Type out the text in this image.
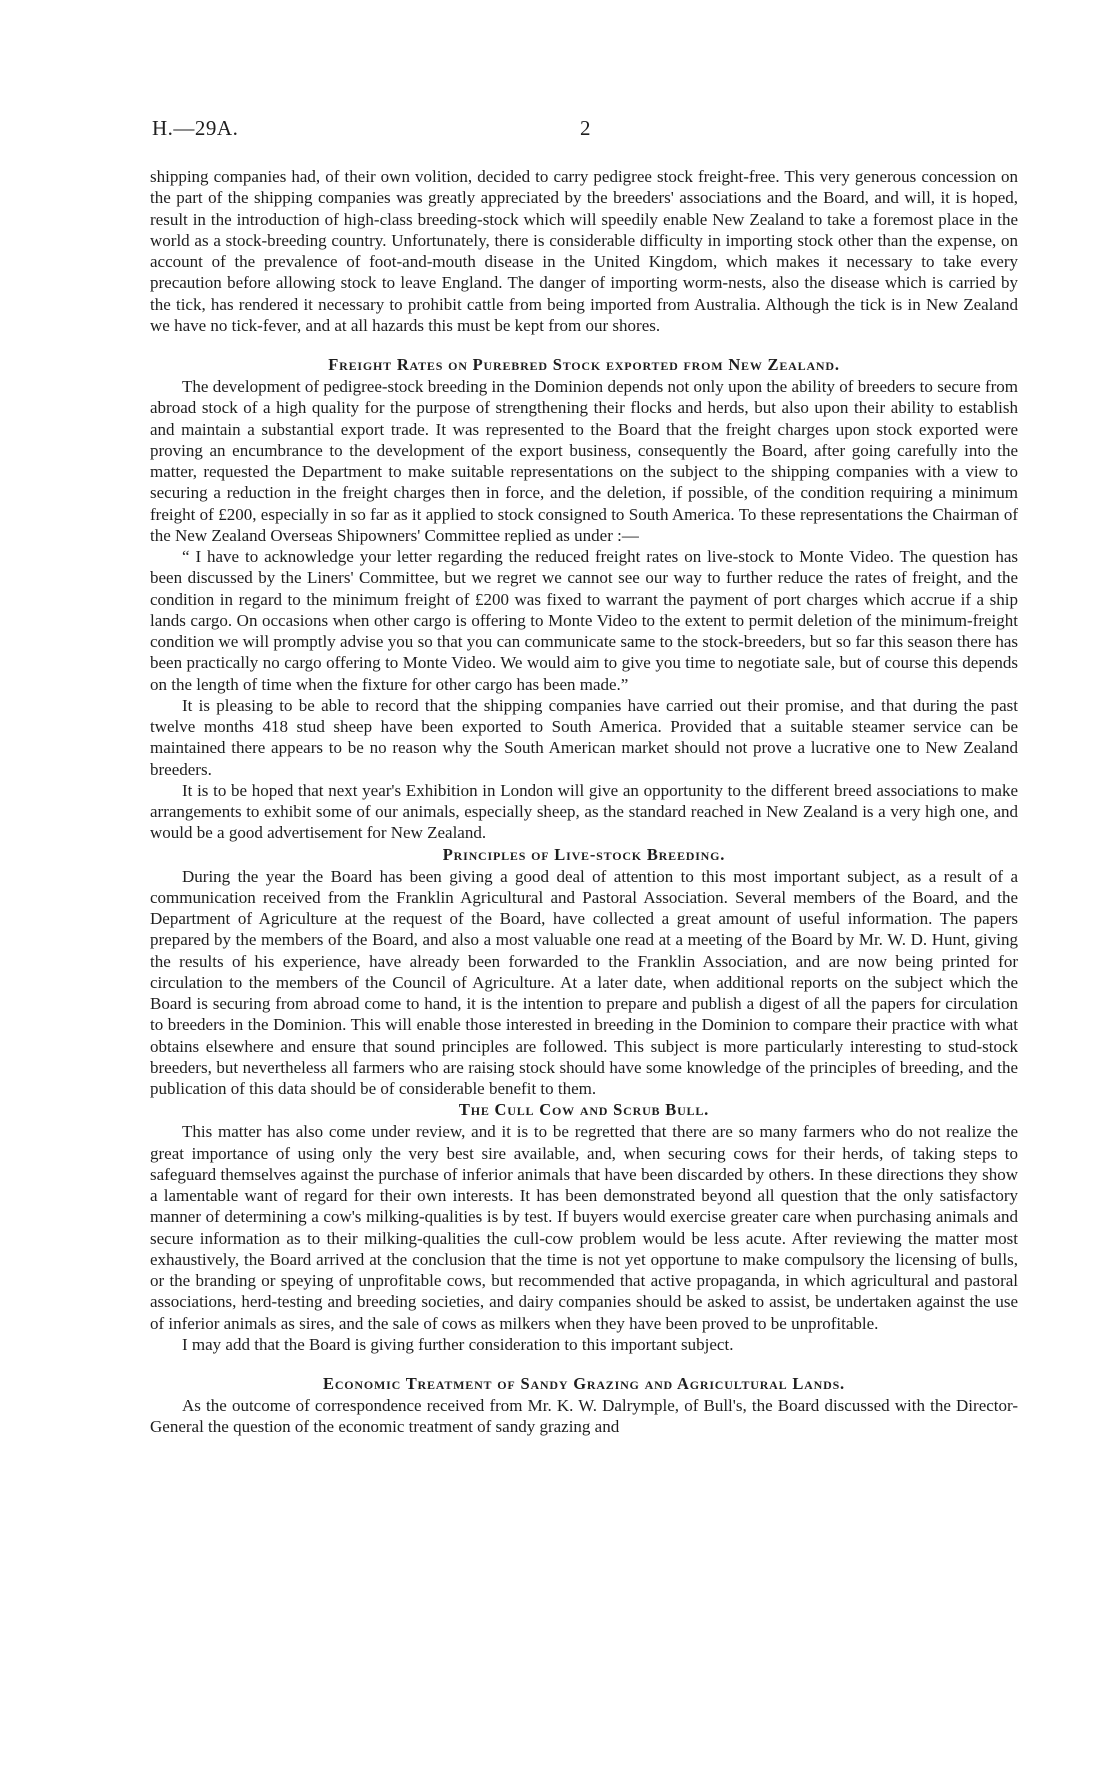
H.—29A.	2

shipping companies had, of their own volition, decided to carry pedigree stock freight-free. This very generous concession on the part of the shipping companies was greatly appreciated by the breeders' associations and the Board, and will, it is hoped, result in the introduction of high-class breeding-stock which will speedily enable New Zealand to take a foremost place in the world as a stock-breeding country. Unfortunately, there is considerable difficulty in importing stock other than the expense, on account of the prevalence of foot-and-mouth disease in the United Kingdom, which makes it necessary to take every precaution before allowing stock to leave England. The danger of importing worm-nests, also the disease which is carried by the tick, has rendered it necessary to prohibit cattle from being imported from Australia. Although the tick is in New Zealand we have no tick-fever, and at all hazards this must be kept from our shores.

Freight Rates on Purebred Stock exported from New Zealand.

The development of pedigree-stock breeding in the Dominion depends not only upon the ability of breeders to secure from abroad stock of a high quality for the purpose of strengthening their flocks and herds, but also upon their ability to establish and maintain a substantial export trade. It was represented to the Board that the freight charges upon stock exported were proving an encumbrance to the development of the export business, consequently the Board, after going carefully into the matter, requested the Department to make suitable representations on the subject to the shipping companies with a view to securing a reduction in the freight charges then in force, and the deletion, if possible, of the condition requiring a minimum freight of £200, especially in so far as it applied to stock consigned to South America. To these representations the Chairman of the New Zealand Overseas Shipowners' Committee replied as under :—

“ I have to acknowledge your letter regarding the reduced freight rates on live-stock to Monte Video. The question has been discussed by the Liners' Committee, but we regret we cannot see our way to further reduce the rates of freight, and the condition in regard to the minimum freight of £200 was fixed to warrant the payment of port charges which accrue if a ship lands cargo. On occasions when other cargo is offering to Monte Video to the extent to permit deletion of the minimum-freight condition we will promptly advise you so that you can communicate same to the stock-breeders, but so far this season there has been practically no cargo offering to Monte Video. We would aim to give you time to negotiate sale, but of course this depends on the length of time when the fixture for other cargo has been made.”

It is pleasing to be able to record that the shipping companies have carried out their promise, and that during the past twelve months 418 stud sheep have been exported to South America. Provided that a suitable steamer service can be maintained there appears to be no reason why the South American market should not prove a lucrative one to New Zealand breeders.

It is to be hoped that next year's Exhibition in London will give an opportunity to the different breed associations to make arrangements to exhibit some of our animals, especially sheep, as the standard reached in New Zealand is a very high one, and would be a good advertisement for New Zealand.

Principles of Live-stock Breeding.

During the year the Board has been giving a good deal of attention to this most important subject, as a result of a communication received from the Franklin Agricultural and Pastoral Association. Several members of the Board, and the Department of Agriculture at the request of the Board, have collected a great amount of useful information. The papers prepared by the members of the Board, and also a most valuable one read at a meeting of the Board by Mr. W. D. Hunt, giving the results of his experience, have already been forwarded to the Franklin Association, and are now being printed for circulation to the members of the Council of Agriculture. At a later date, when additional reports on the subject which the Board is securing from abroad come to hand, it is the intention to prepare and publish a digest of all the papers for circulation to breeders in the Dominion. This will enable those interested in breeding in the Dominion to compare their practice with what obtains elsewhere and ensure that sound principles are followed. This subject is more particularly interesting to stud-stock breeders, but nevertheless all farmers who are raising stock should have some knowledge of the principles of breeding, and the publication of this data should be of considerable benefit to them.

The Cull Cow and Scrub Bull.

This matter has also come under review, and it is to be regretted that there are so many farmers who do not realize the great importance of using only the very best sire available, and, when securing cows for their herds, of taking steps to safeguard themselves against the purchase of inferior animals that have been discarded by others. In these directions they show a lamentable want of regard for their own interests. It has been demonstrated beyond all question that the only satisfactory manner of determining a cow's milking-qualities is by test. If buyers would exercise greater care when purchasing animals and secure information as to their milking-qualities the cull-cow problem would be less acute. After reviewing the matter most exhaustively, the Board arrived at the conclusion that the time is not yet opportune to make compulsory the licensing of bulls, or the branding or speying of unprofitable cows, but recommended that active propaganda, in which agricultural and pastoral associations, herd-testing and breeding societies, and dairy companies should be asked to assist, be undertaken against the use of inferior animals as sires, and the sale of cows as milkers when they have been proved to be unprofitable.

I may add that the Board is giving further consideration to this important subject.

Economic Treatment of Sandy Grazing and Agricultural Lands.

As the outcome of correspondence received from Mr. K. W. Dalrymple, of Bull's, the Board discussed with the Director-General the question of the economic treatment of sandy grazing and
